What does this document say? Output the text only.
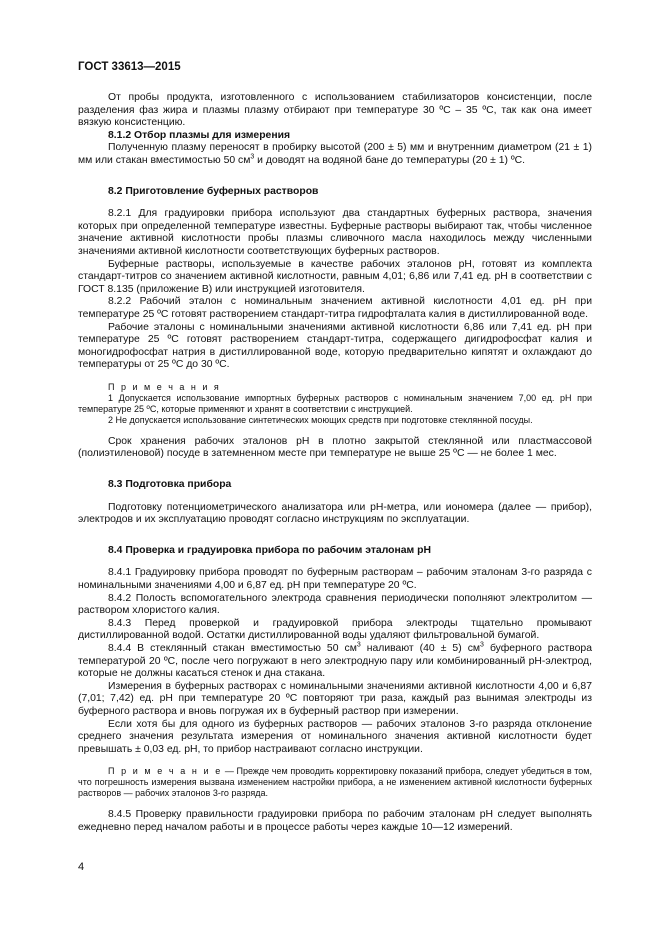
ГОСТ 33613—2015

От пробы продукта, изготовленного с использованием стабилизаторов консистенции, после разделения фаз жира и плазмы плазму отбирают при температуре 30 ºС – 35 ºС, так как она имеет вязкую консистенцию.

8.1.2 Отбор плазмы для измерения

Полученную плазму переносят в пробирку высотой (200 ± 5) мм и внутренним диаметром (21 ± 1) мм или стакан вместимостью 50 $см^3$ и доводят на водяной бане до температуры (20 ± 1) ºС.

8.2 Приготовление буферных растворов

8.2.1 Для градуировки прибора используют два стандартных буферных раствора, значения которых при определенной температуре известны. Буферные растворы выбирают так, чтобы численное значение активной кислотности пробы плазмы сливочного масла находилось между численными значениями активной кислотности соответствующих буферных растворов.

Буферные растворы, используемые в качестве рабочих эталонов рН, готовят из комплекта стандарт-титров со значением активной кислотности, равным 4,01; 6,86 или 7,41 ед. рН в соответствии с ГОСТ 8.135 (приложение В) или инструкцией изготовителя.

8.2.2 Рабочий эталон с номинальным значением активной кислотности 4,01 ед. рН при температуре 25 ºС готовят растворением стандарт-титра гидрофталата калия в дистиллированной воде.

Рабочие эталоны с номинальными значениями активной кислотности 6,86 или 7,41 ед. рН при температуре 25 ºС готовят растворением стандарт-титра, содержащего дигидрофосфат калия и моногидрофосфат натрия в дистиллированной воде, которую предварительно кипятят и охлаждают до температуры от 25 ºС до 30 ºС.

П р и м е ч а н и я

1 Допускается использование импортных буферных растворов с номинальным значением 7,00 ед. рН при температуре 25 ºС, которые применяют и хранят в соответствии с инструкцией.

2 Не допускается использование синтетических моющих средств при подготовке стеклянной посуды.

Срок хранения рабочих эталонов рН в плотно закрытой стеклянной или пластмассовой (полиэтиленовой) посуде в затемненном месте при температуре не выше 25 ºС — не более 1 мес.

8.3 Подготовка прибора

Подготовку потенциометрического анализатора или рН-метра, или иономера (далее — прибор), электродов и их эксплуатацию проводят согласно инструкциям по эксплуатации.

8.4 Проверка и градуировка прибора по рабочим эталонам рН

8.4.1 Градуировку прибора проводят по буферным растворам – рабочим эталонам 3-го разряда с номинальными значениями 4,00 и 6,87 ед. рН при температуре 20 ºС.

8.4.2 Полость вспомогательного электрода сравнения периодически пополняют электролитом — раствором хлористого калия.

8.4.3 Перед проверкой и градуировкой прибора электроды тщательно промывают дистиллированной водой. Остатки дистиллированной воды удаляют фильтровальной бумагой.

8.4.4 В стеклянный стакан вместимостью 50 $см^3$ наливают (40 ± 5) $см^3$ буферного раствора температурой 20 ºС, после чего погружают в него электродную пару или комбинированный рН-электрод, которые не должны касаться стенок и дна стакана.

Измерения в буферных растворах с номинальными значениями активной кислотности 4,00 и 6,87 (7,01; 7,42) ед. рН при температуре 20 ºС повторяют три раза, каждый раз вынимая электроды из буферного раствора и вновь погружая их в буферный раствор при измерении.

Если хотя бы для одного из буферных растворов — рабочих эталонов 3-го разряда отклонение среднего значения результата измерения от номинального значения активной кислотности будет превышать ± 0,03 ед. рН, то прибор настраивают согласно инструкции.

П р и м е ч а н и е — Прежде чем проводить корректировку показаний прибора, следует убедиться в том, что погрешность измерения вызвана изменением настройки прибора, а не изменением активной кислотности буферных растворов — рабочих эталонов 3-го разряда.

8.4.5 Проверку правильности градуировки прибора по рабочим эталонам рН следует выполнять ежедневно перед началом работы и в процессе работы через каждые 10—12 измерений.

4
